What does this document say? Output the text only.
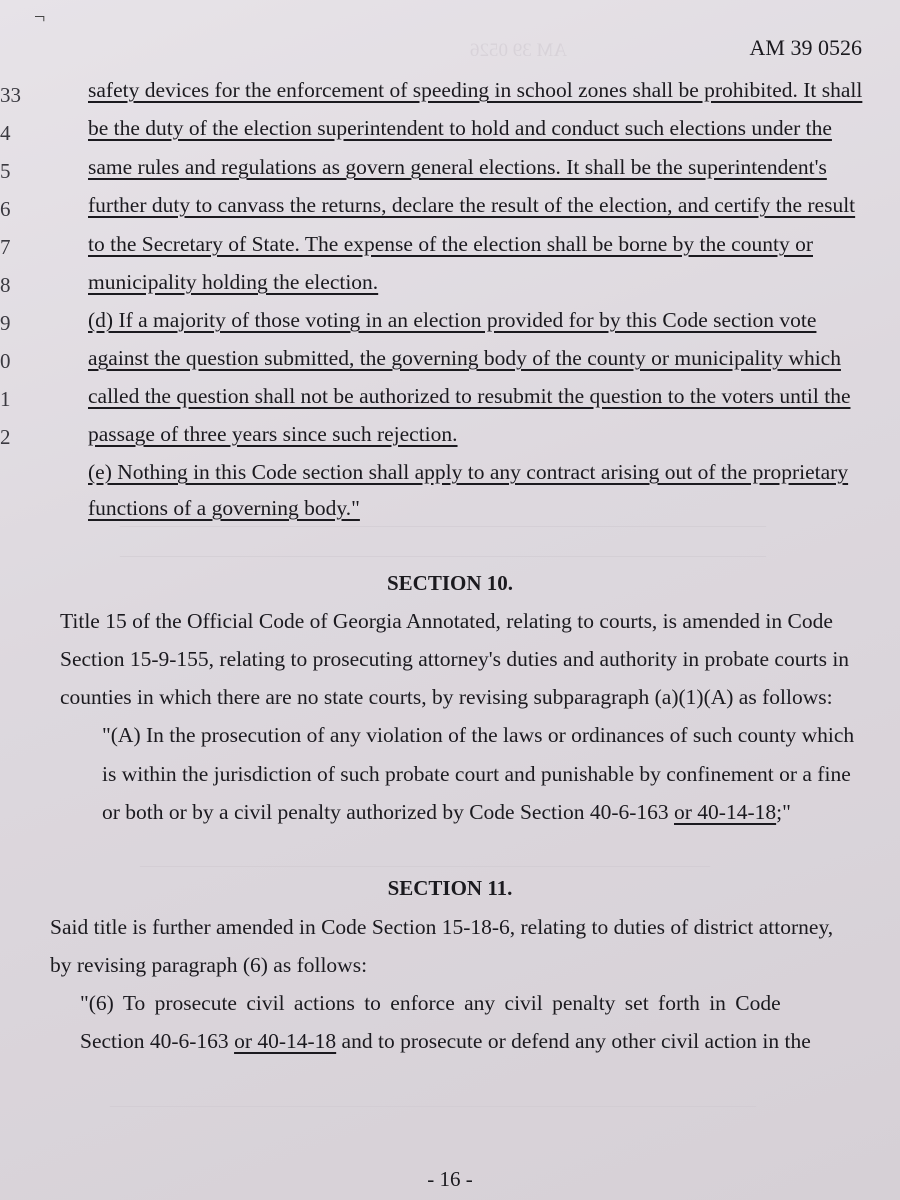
AM 39 0526
——————————————————————————————————
——————————————————————————————————
——————————————————————————————
——————————————————————————————————
¬
AM 39 0526
33
4
5
6
7
8
9
0
1
2
safety devices for the enforcement of speeding in school zones shall be prohibited. It shall
be the duty of the election superintendent to hold and conduct such elections under the
same rules and regulations as govern general elections. It shall be the superintendent's
further duty to canvass the returns, declare the result of the election, and certify the result
to the Secretary of State. The expense of the election shall be borne by the county or
municipality holding the election.
(d) If a majority of those voting in an election provided for by this Code section vote
against the question submitted, the governing body of the county or municipality which
called the question shall not be authorized to resubmit the question to the voters until the
passage of three years since such rejection.
(e) Nothing in this Code section shall apply to any contract arising out of the proprietary
functions of a governing body."
SECTION 10.
Title 15 of the Official Code of Georgia Annotated, relating to courts, is amended in Code
Section 15-9-155, relating to prosecuting attorney's duties and authority in probate courts in
counties in which there are no state courts, by revising subparagraph (a)(1)(A) as follows:
"(A) In the prosecution of any violation of the laws or ordinances of such county which
is within the jurisdiction of such probate court and punishable by confinement or a fine
or both or by a civil penalty authorized by Code Section 40-6-163 or 40-14-18;"
SECTION 11.
Said title is further amended in Code Section 15-18-6, relating to duties of district attorney,
by revising paragraph (6) as follows:
"(6) To prosecute civil actions to enforce any civil penalty set forth in Code
Section 40-6-163 or 40-14-18 and to prosecute or defend any other civil action in the
- 16 -
